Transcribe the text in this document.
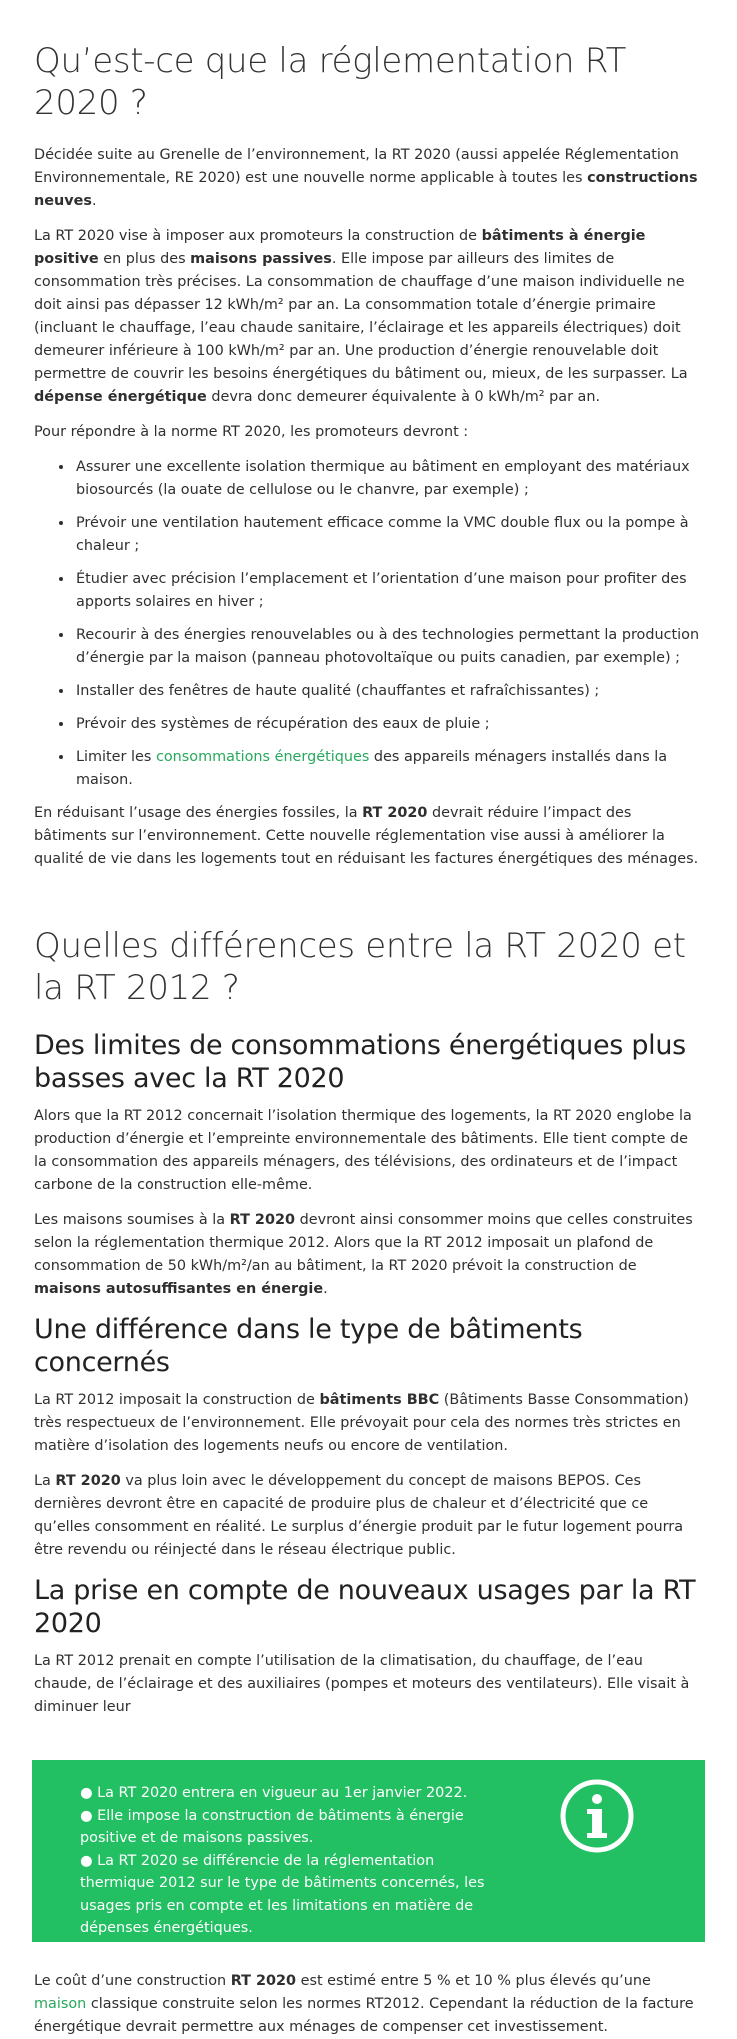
Qu’est-ce que la réglementation RT 2020 ?

Décidée suite au Grenelle de l’environnement, la RT 2020 (aussi appelée Réglementation Environnementale, RE 2020) est une nouvelle norme applicable à toutes les constructions neuves.

La RT 2020 vise à imposer aux promoteurs la construction de bâtiments à énergie positive en plus des maisons passives. Elle impose par ailleurs des limites de consommation très précises. La consommation de chauffage d’une maison individuelle ne doit ainsi pas dépasser 12 kWh/m² par an. La consommation totale d’énergie primaire (incluant le chauffage, l’eau chaude sanitaire, l’éclairage et les appareils électriques) doit demeurer inférieure à 100 kWh/m² par an. Une production d’énergie renouvelable doit permettre de couvrir les besoins énergétiques du bâtiment ou, mieux, de les surpasser. La dépense énergétique devra donc demeurer équivalente à 0 kWh/m² par an.

Pour répondre à la norme RT 2020, les promoteurs devront :

• Assurer une excellente isolation thermique au bâtiment en employant des matériaux biosourcés (la ouate de cellulose ou le chanvre, par exemple) ;
• Prévoir une ventilation hautement efficace comme la VMC double flux ou la pompe à chaleur ;
• Étudier avec précision l’emplacement et l’orientation d’une maison pour profiter des apports solaires en hiver ;
• Recourir à des énergies renouvelables ou à des technologies permettant la production d’énergie par la maison (panneau photovoltaïque ou puits canadien, par exemple) ;
• Installer des fenêtres de haute qualité (chauffantes et rafraîchissantes) ;
• Prévoir des systèmes de récupération des eaux de pluie ;
• Limiter les consommations énergétiques des appareils ménagers installés dans la maison.

En réduisant l’usage des énergies fossiles, la RT 2020 devrait réduire l’impact des bâtiments sur l’environnement. Cette nouvelle réglementation vise aussi à améliorer la qualité de vie dans les logements tout en réduisant les factures énergétiques des ménages.

Quelles différences entre la RT 2020 et la RT 2012 ?
Des limites de consommations énergétiques plus basses avec la RT 2020

Alors que la RT 2012 concernait l’isolation thermique des logements, la RT 2020 englobe la production d’énergie et l’empreinte environnementale des bâtiments. Elle tient compte de la consommation des appareils ménagers, des télévisions, des ordinateurs et de l’impact carbone de la construction elle-même.

Les maisons soumises à la RT 2020 devront ainsi consommer moins que celles construites selon la réglementation thermique 2012. Alors que la RT 2012 imposait un plafond de consommation de 50 kWh/m²/an au bâtiment, la RT 2020 prévoit la construction de maisons autosuffisantes en énergie.

Une différence dans le type de bâtiments concernés

La RT 2012 imposait la construction de bâtiments BBC (Bâtiments Basse Consommation) très respectueux de l’environnement. Elle prévoyait pour cela des normes très strictes en matière d’isolation des logements neufs ou encore de ventilation.

La RT 2020 va plus loin avec le développement du concept de maisons BEPOS. Ces dernières devront être en capacité de produire plus de chaleur et d’électricité que ce qu’elles consomment en réalité. Le surplus d’énergie produit par le futur logement pourra être revendu ou réinjecté dans le réseau électrique public.

La prise en compte de nouveaux usages par la RT 2020

La RT 2012 prenait en compte l’utilisation de la climatisation, du chauffage, de l’eau chaude, de l’éclairage et des auxiliaires (pompes et moteurs des ventilateurs). Elle visait à diminuer leur

● La RT 2020 entrera en vigueur au 1er janvier 2022.
● Elle impose la construction de bâtiments à énergie positive et de maisons passives.
● La RT 2020 se différencie de la réglementation thermique 2012 sur le type de bâtiments concernés, les usages pris en compte et les limitations en matière de dépenses énergétiques.

Le coût d’une construction RT 2020 est estimé entre 5 % et 10 % plus élevés qu’une maison classique construite selon les normes RT2012. Cependant la réduction de la facture énergétique devrait permettre aux ménages de compenser cet investissement.
